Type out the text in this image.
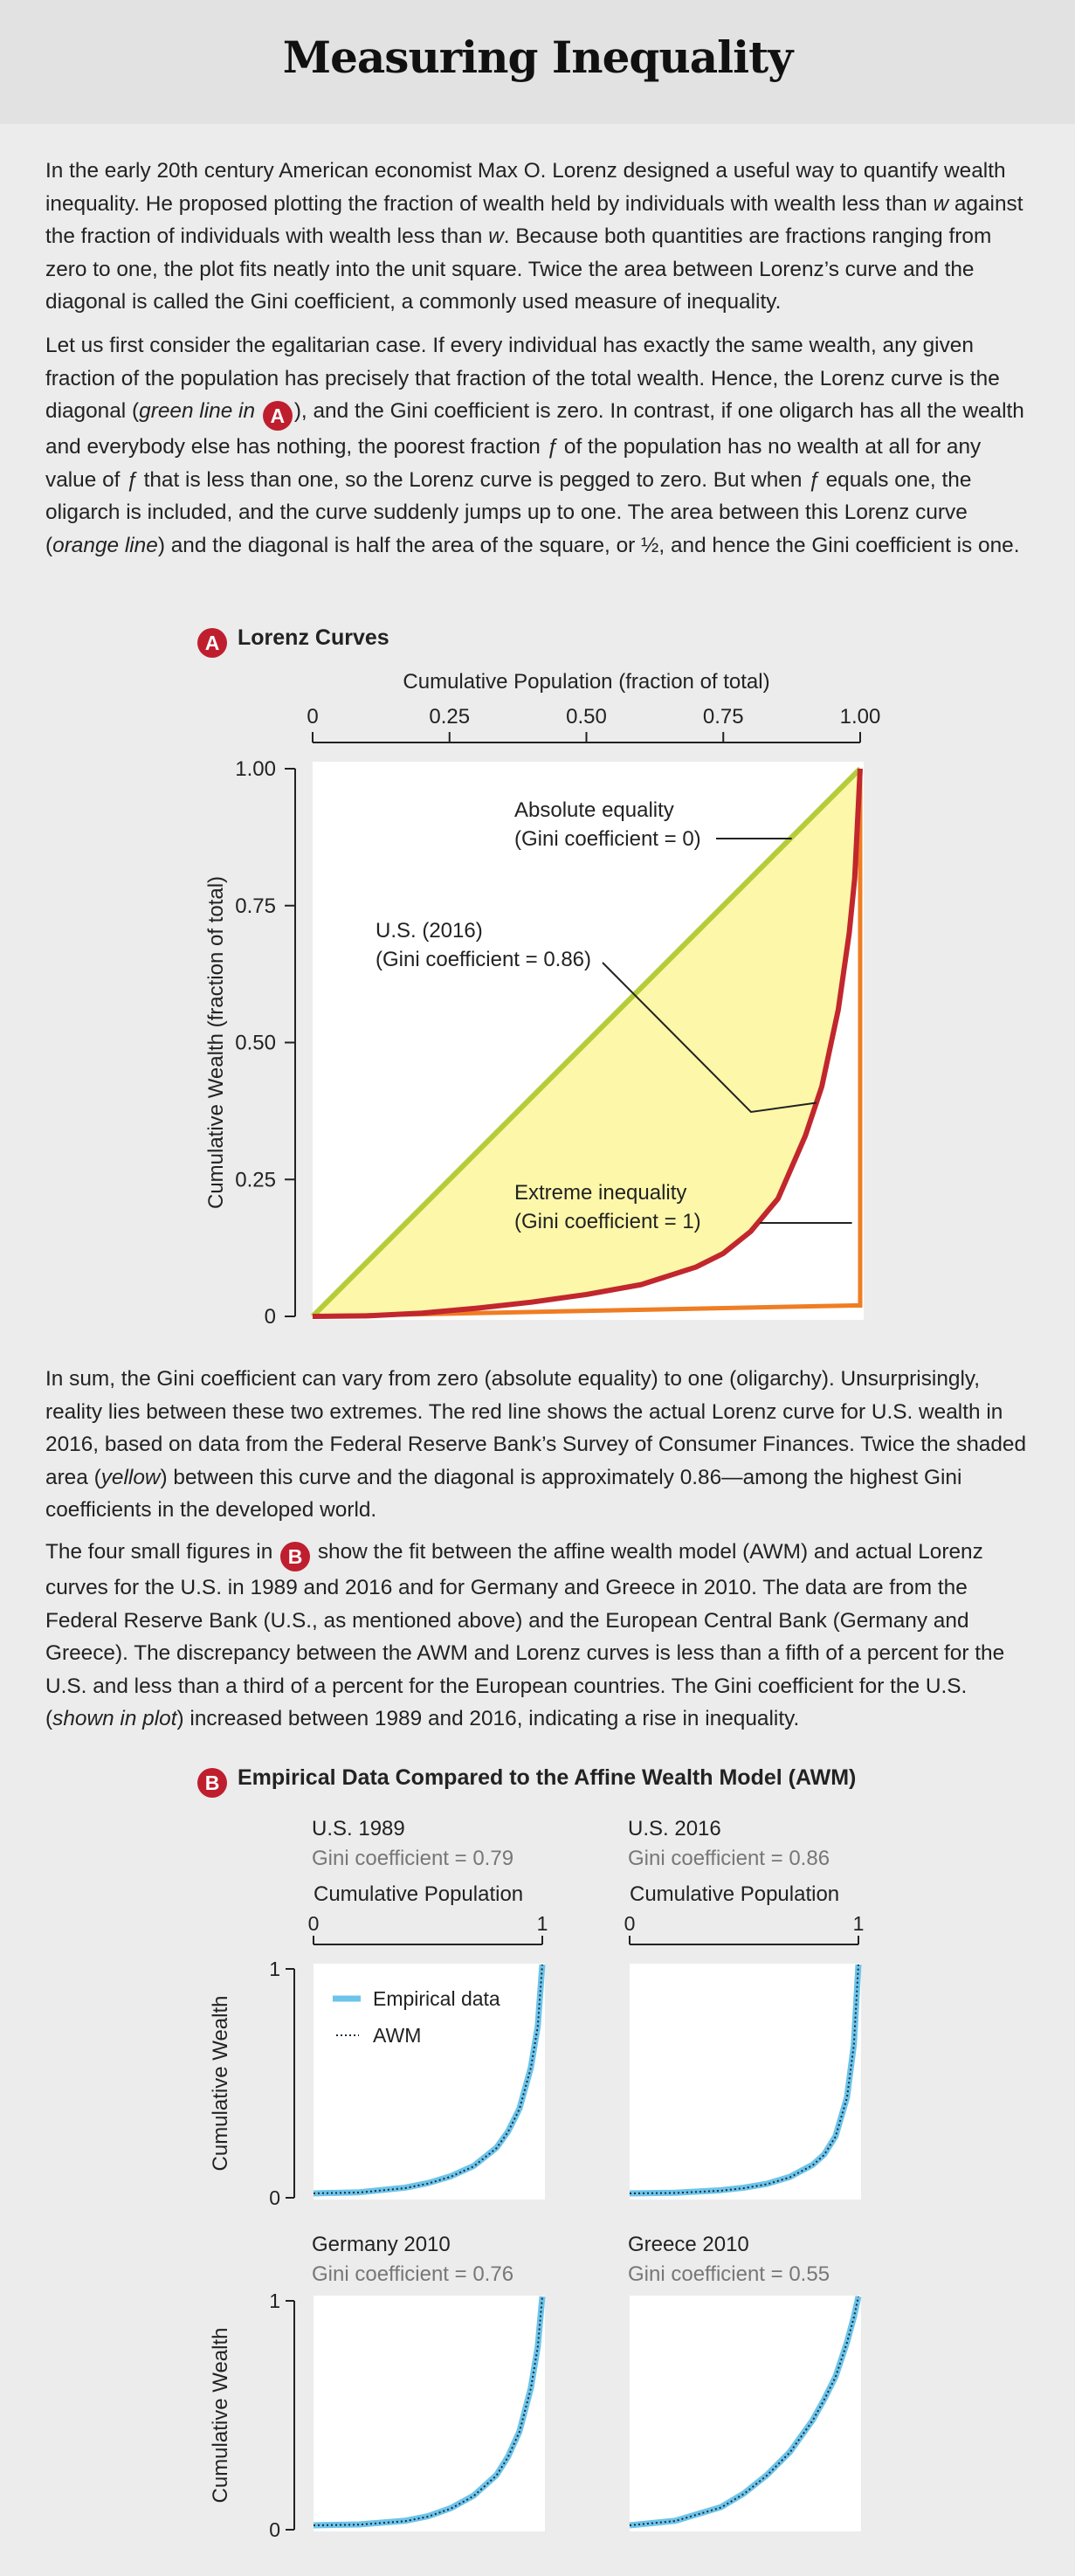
Measuring Inequality

In the early 20th century American economist Max O. Lorenz designed a useful way to quantify wealth inequality. He proposed plotting the fraction of wealth held by individuals with wealth less than w against the fraction of individuals with wealth less than w. Because both quantities are fractions ranging from zero to one, the plot fits neatly into the unit square. Twice the area between Lorenz’s curve and the diagonal is called the Gini coefficient, a commonly used measure of inequality.

Let us first consider the egalitarian case. If every individual has exactly the same wealth, any given fraction of the population has precisely that fraction of the total wealth. Hence, the Lorenz curve is the diagonal (green line in A ), and the Gini coefficient is zero. In contrast, if one oligarch has all the wealth and everybody else has nothing, the poorest fraction ƒ of the population has no wealth at all for any value of ƒ that is less than one, so the Lorenz curve is pegged to zero. But when ƒ equals one, the oligarch is included, and the curve suddenly jumps up to one. The area between this Lorenz curve (orange line) and the diagonal is half the area of the square, or ½, and hence the Gini coefficient is one.

A Lorenz Curves
0	0.25	0.50	0.75	1.00
Cumulative Population (fraction of total)
0
0.25
0.50
0.75
1.00
Cumulative Wealth (fraction of total)
Absolute equality
(Gini coefficient = 0)
U.S. (2016)
(Gini coefficient = 0.86)
Extreme inequality
(Gini coefficient = 1)

In sum, the Gini coefficient can vary from zero (absolute equality) to one (oligarchy). Unsurprisingly, reality lies between these two extremes. The red line shows the actual Lorenz curve for U.S. wealth in 2016, based on data from the Federal Reserve Bank’s Survey of Consumer Finances. Twice the shaded area (yellow) between this curve and the diagonal is approximately 0.86—among the highest Gini coefficients in the developed world.

The four small figures in B show the fit between the affine wealth model (AWM) and actual Lorenz curves for the U.S. in 1989 and 2016 and for Germany and Greece in 2010. The data are from the Federal Reserve Bank (U.S., as mentioned above) and the European Central Bank (Germany and Greece). The discrepancy between the AWM and Lorenz curves is less than a fifth of a percent for the U.S. and less than a third of a percent for the European countries. The Gini coefficient for the U.S. (shown in plot) increased between 1989 and 2016, indicating a rise in inequality.

B Empirical Data Compared to the Affine Wealth Model (AWM)
U.S. 1989
Gini coefficient = 0.79
U.S. 2016
Gini coefficient = 0.86
Germany 2010
Gini coefficient = 0.76
Greece 2010
Gini coefficient = 0.55
0	1
Cumulative Population
0
1
Cumulative Wealth	Empirical data
AWM
0	1
Cumulative Population
0
1
Cumulative Wealth
